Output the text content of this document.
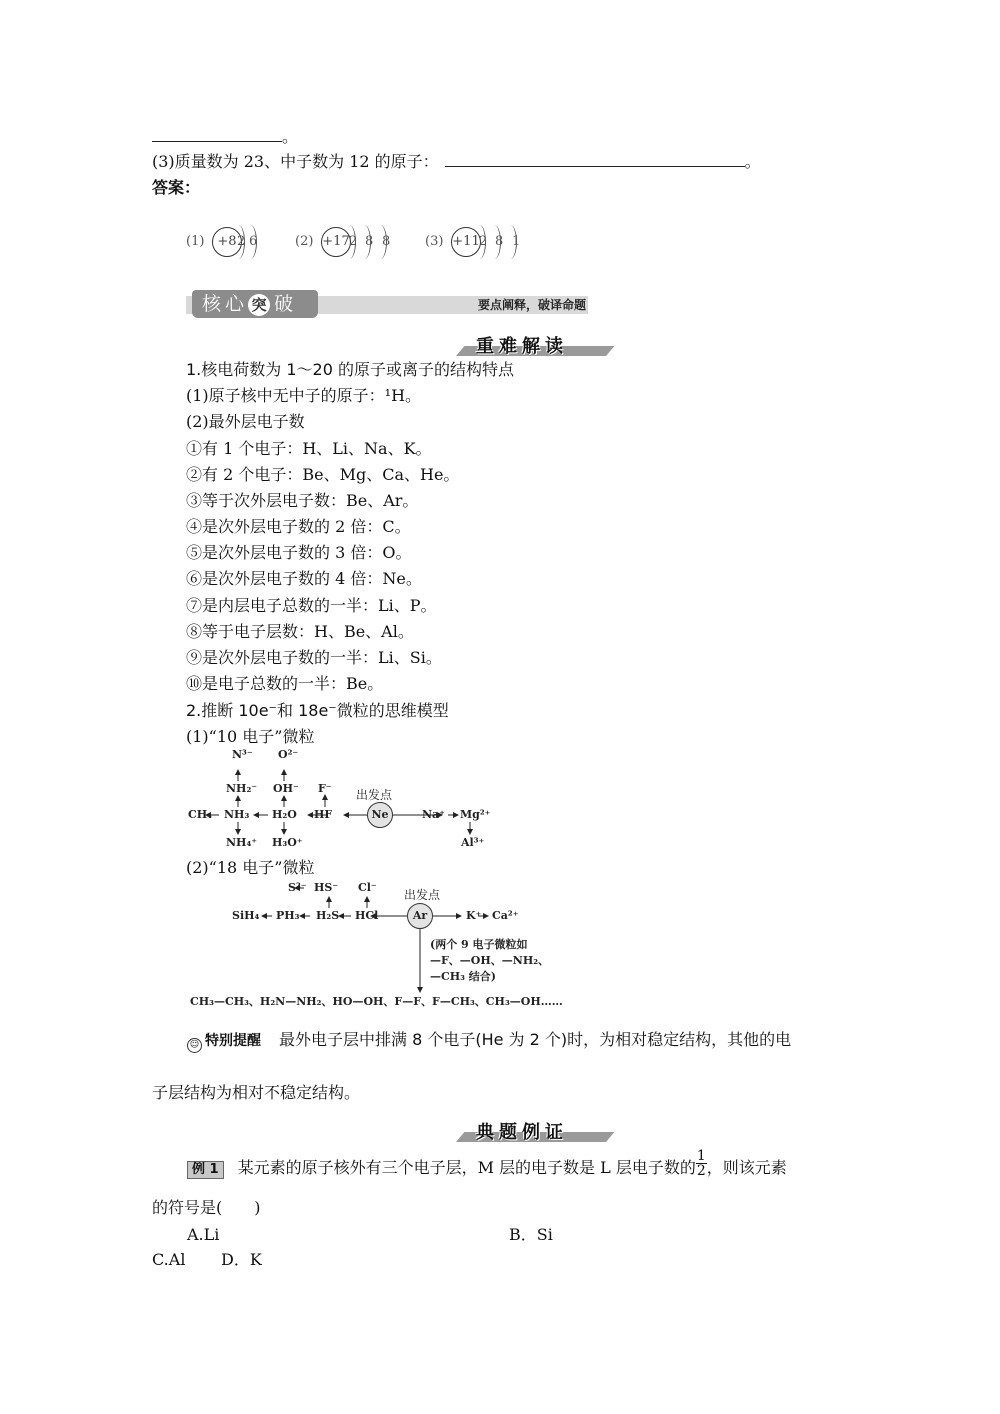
。
(3)质量数为 23、中子数为 12 的原子：	。
答案：
(1) +8 2 6	(2) +17 2 8 8	(3) +11 2 8 1
核心 突 破	要点阐释，破译命题
重难解读
1.核电荷数为 1～20 的原子或离子的结构特点
(1)原子核中无中子的原子：¹H。
(2)最外层电子数
①有 1 个电子：H、Li、Na、K。
②有 2 个电子：Be、Mg、Ca、He。
③等于次外层电子数：Be、Ar。
④是次外层电子数的 2 倍：C。
⑤是次外层电子数的 3 倍：O。
⑥是次外层电子数的 4 倍：Ne。
⑦是内层电子总数的一半：Li、P。
⑧等于电子层数：H、Be、Al。
⑨是次外层电子数的一半：Li、Si。
⑩是电子总数的一半：Be。
2.推断 10e⁻和 18e⁻微粒的思维模型
(1)“10 电子”微粒
N³⁻ O²⁻
NH₂⁻ OH⁻ F⁻ 出发点
CH₄ NH₃ H₂O HF	Ne	Na⁺ Mg²⁺
NH₄⁺ H₃O⁺	Al³⁺
(2)“18 电子”微粒
S²⁻ HS⁻ Cl⁻
出发点
SiH₄ PH₃ H₂S HCl	Ar	K⁺ Ca²⁺
(两个 9 电子微粒如
—F、—OH、—NH₂、
—CH₃ 结合)
CH₃—CH₃、H₂N—NH₂、HO—OH、F—F、F—CH₃、CH₃—OH……
☺ 特别提醒 最外电子层中排满 8 个电子(He 为 2 个)时，为相对稳定结构，其他的电
子层结构为相对不稳定结构。
典题例证
例 1 某元素的原子核外有三个电子层，M 层的电子数是 L 层电子数的 $\frac{1}{2}$ ，则该元素
的符号是(　　)
A.Li	B．Si
C.Al D．K
